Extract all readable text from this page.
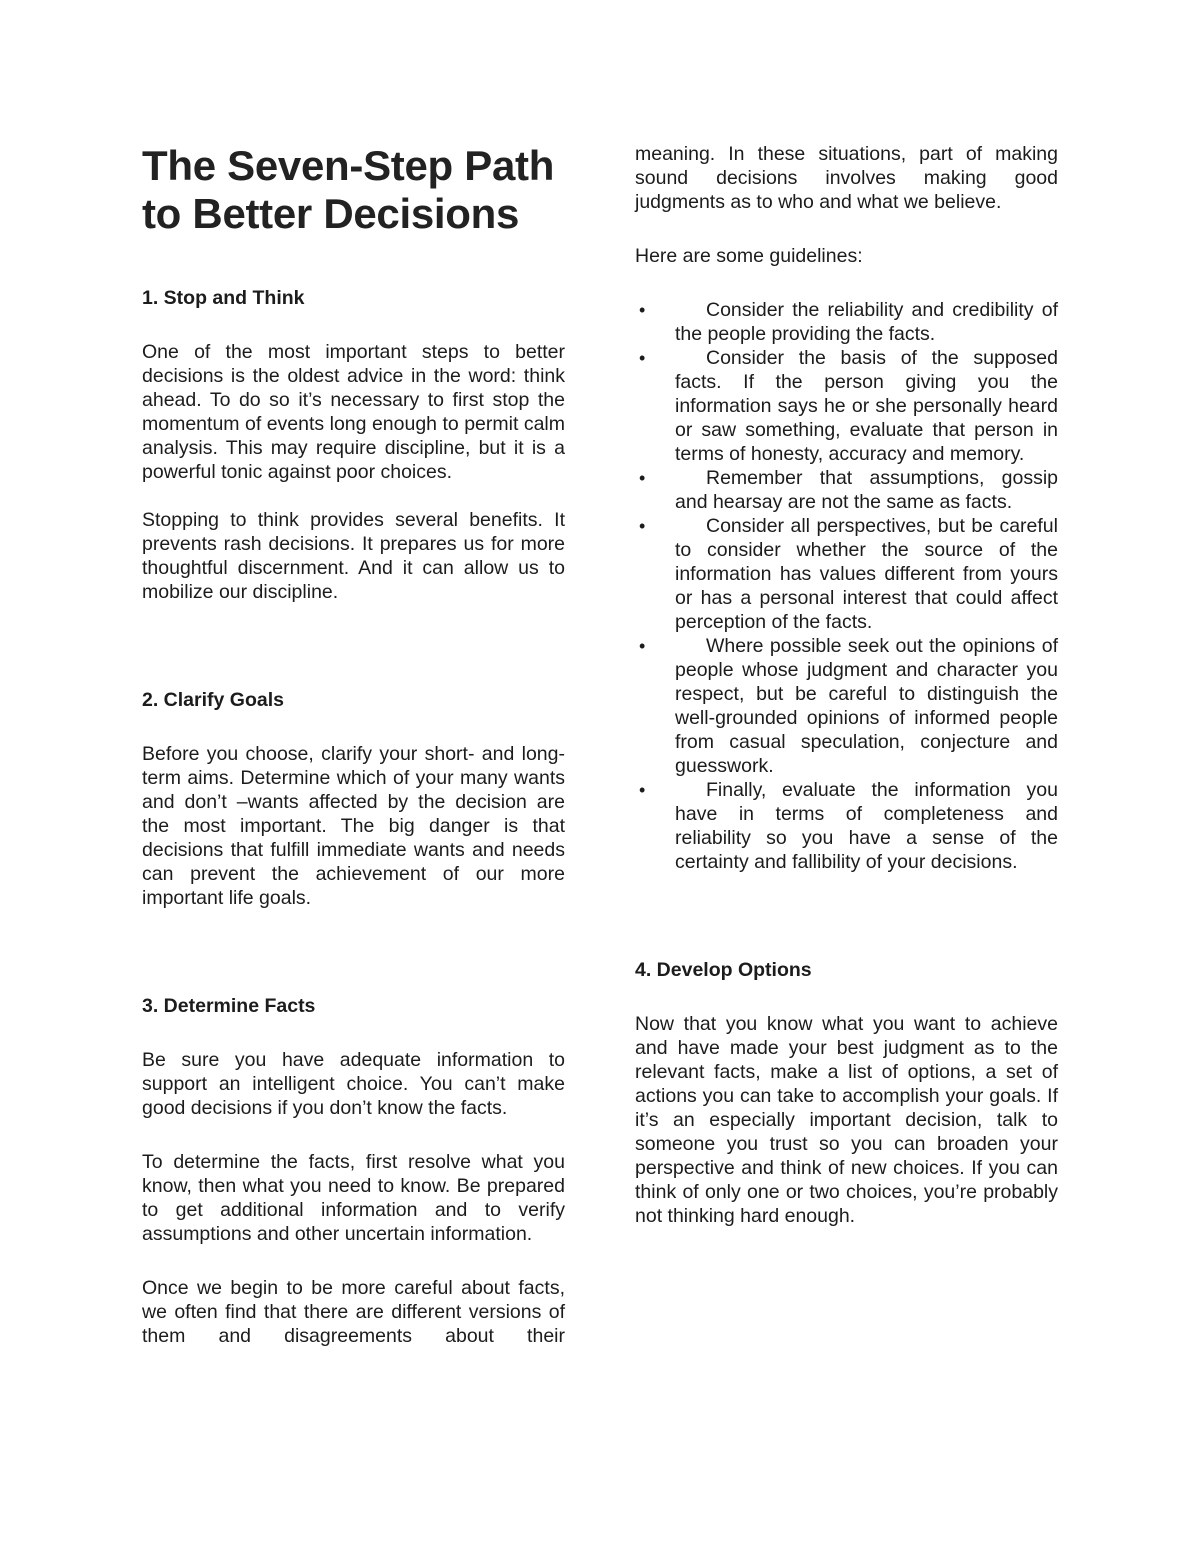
The Seven-Step Path to Better Decisions
1. Stop and Think

One of the most important steps to better decisions is the oldest advice in the word: think ahead. To do so it’s necessary to first stop the momentum of events long enough to permit calm analysis. This may require discipline, but it is a powerful tonic against poor choices.

Stopping to think provides several benefits. It prevents rash decisions. It prepares us for more thoughtful discernment. And it can allow us to mobilize our discipline.

2. Clarify Goals

Before you choose, clarify your short- and long-term aims. Determine which of your many wants and don’t –wants affected by the decision are the most important. The big danger is that decisions that fulfill immediate wants and needs can prevent the achievement of our more important life goals.

3. Determine Facts

Be sure you have adequate information to support an intelligent choice. You can’t make good decisions if you don’t know the facts.

To determine the facts, first resolve what you know, then what you need to know. Be prepared to get additional information and to verify assumptions and other uncertain information.

Once we begin to be more careful about facts, we often find that there are different versions of them and disagreements about their

meaning. In these situations, part of making sound decisions involves making good judgments as to who and what we believe.

Here are some guidelines:

•	Consider the reliability and credibility of the people providing the facts.
•	Consider the basis of the supposed facts. If the person giving you the information says he or she personally heard or saw something, evaluate that person in terms of honesty, accuracy and memory.
•	Remember that assumptions, gossip and hearsay are not the same as facts.
•	Consider all perspectives, but be careful to consider whether the source of the information has values different from yours or has a personal interest that could affect perception of the facts.
•	Where possible seek out the opinions of people whose judgment and character you respect, but be careful to distinguish the well-grounded opinions of informed people from casual speculation, conjecture and guesswork.
•	Finally, evaluate the information you have in terms of completeness and reliability so you have a sense of the certainty and fallibility of your decisions.
4. Develop Options

Now that you know what you want to achieve and have made your best judgment as to the relevant facts, make a list of options, a set of actions you can take to accomplish your goals. If it’s an especially important decision, talk to someone you trust so you can broaden your perspective and think of new choices. If you can think of only one or two choices, you’re probably not thinking hard enough.
